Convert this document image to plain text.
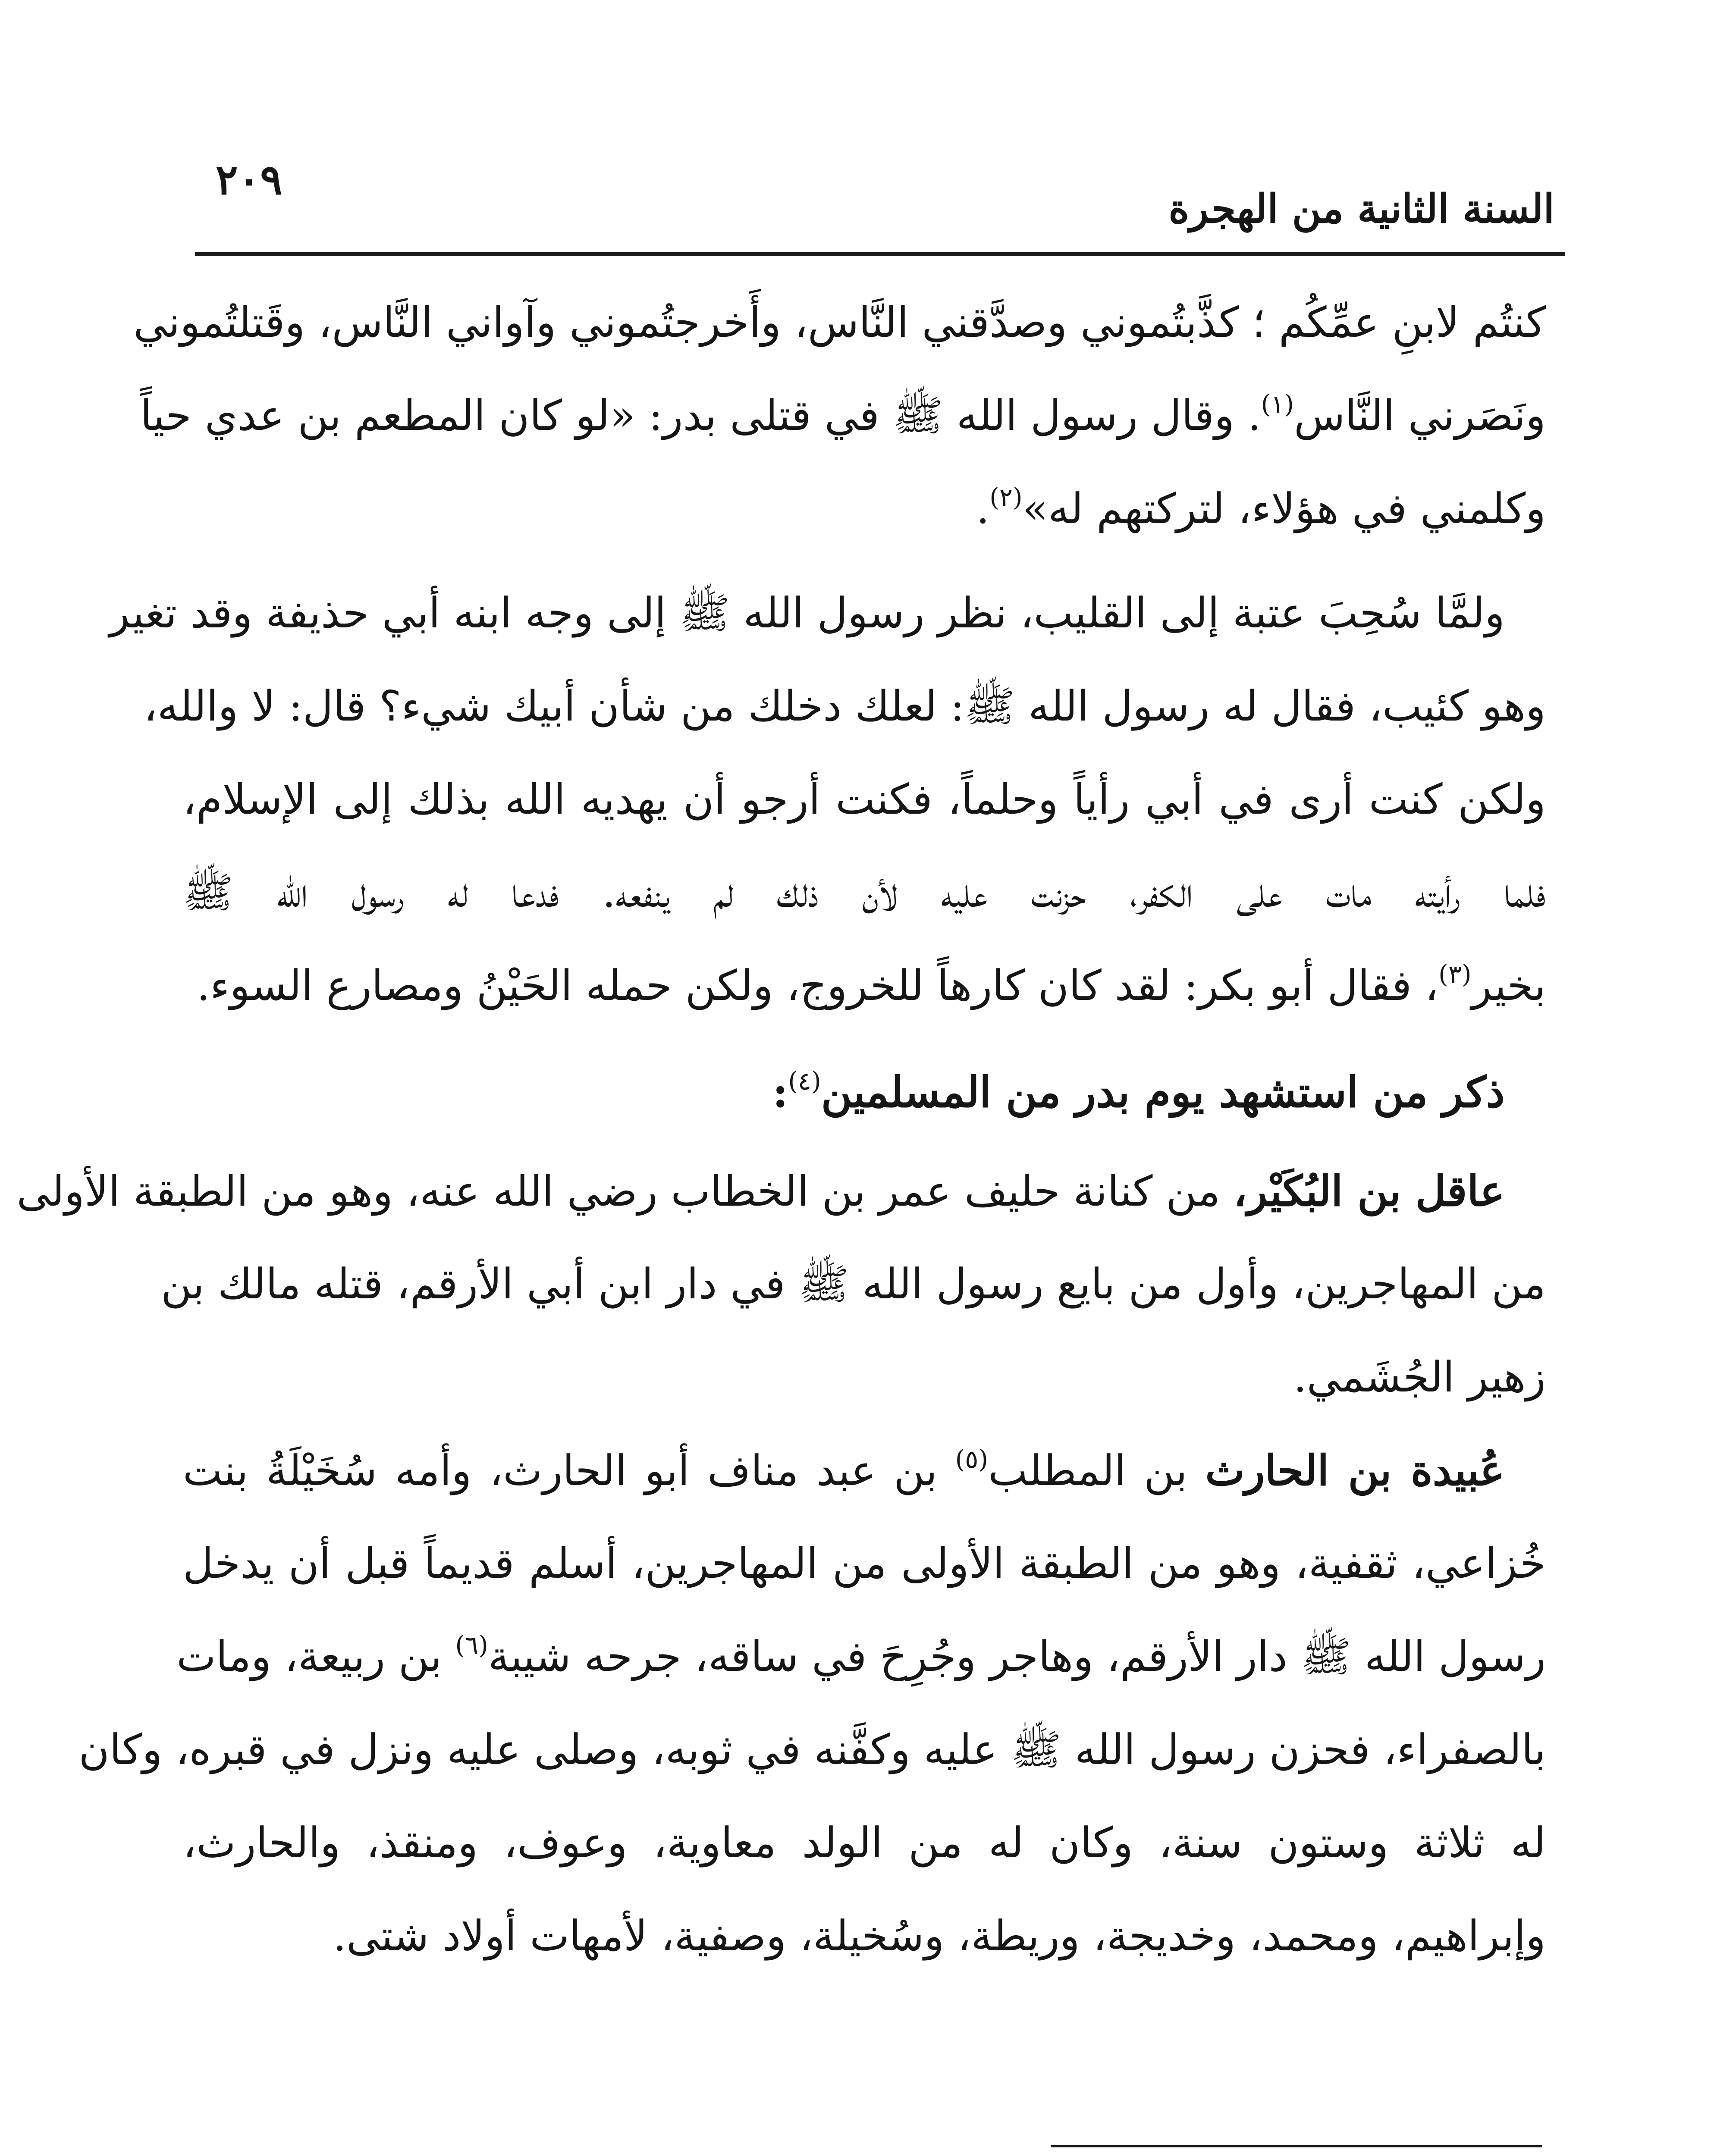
٢٠٩
السنة الثانية من الهجرة
كنتُم لابنِ عمِّكُم ؛ كذَّبتُموني وصدَّقني النَّاس، وأَخرجتُموني وآواني النَّاس، وقَتلتُموني
ونَصَرني النَّاس$^{(١)}$. وقال رسول الله ﷺ في قتلى بدر: «لو كان المطعم بن عدي حياً
وكلمني في هؤلاء، لتركتهم له»$^{(٢)}$.
ولمَّا سُحِبَ عتبة إلى القليب، نظر رسول الله ﷺ إلى وجه ابنه أبي حذيفة وقد تغير
وهو كئيب، فقال له رسول الله ﷺ: لعلك دخلك من شأن أبيك شيء؟ قال: لا والله،
ولكن كنت أرى في أبي رأياً وحلماً، فكنت أرجو أن يهديه الله بذلك إلى الإسلام،
فلما رأيته مات على الكفر، حزنت عليه لأن ذلك لم ينفعه. فدعا له رسول الله ﷺ
بخير$^{(٣)}$، فقال أبو بكر: لقد كان كارهاً للخروج، ولكن حمله الحَيْنُ ومصارع السوء.
ذكر من استشهد يوم بدر من المسلمين$^{(٤)}$:
عاقل بن البُكَيْر، من كنانة حليف عمر بن الخطاب رضي الله عنه، وهو من الطبقة الأولى
من المهاجرين، وأول من بايع رسول الله ﷺ في دار ابن أبي الأرقم، قتله مالك بن
زهير الجُشَمي.
عُبيدة بن الحارث بن المطلب$^{(٥)}$ بن عبد مناف أبو الحارث، وأمه سُخَيْلَةُ بنت
خُزاعي، ثقفية، وهو من الطبقة الأولى من المهاجرين، أسلم قديماً قبل أن يدخل
رسول الله ﷺ دار الأرقم، وهاجر وجُرِحَ في ساقه، جرحه شيبة$^{(٦)}$ بن ربيعة، ومات
بالصفراء، فحزن رسول الله ﷺ عليه وكفَّنه في ثوبه، وصلى عليه ونزل في قبره، وكان
له ثلاثة وستون سنة، وكان له من الولد معاوية، وعوف، ومنقذ، والحارث،
وإبراهيم، ومحمد، وخديجة، وريطة، وسُخيلة، وصفية، لأمهات أولاد شتى.
